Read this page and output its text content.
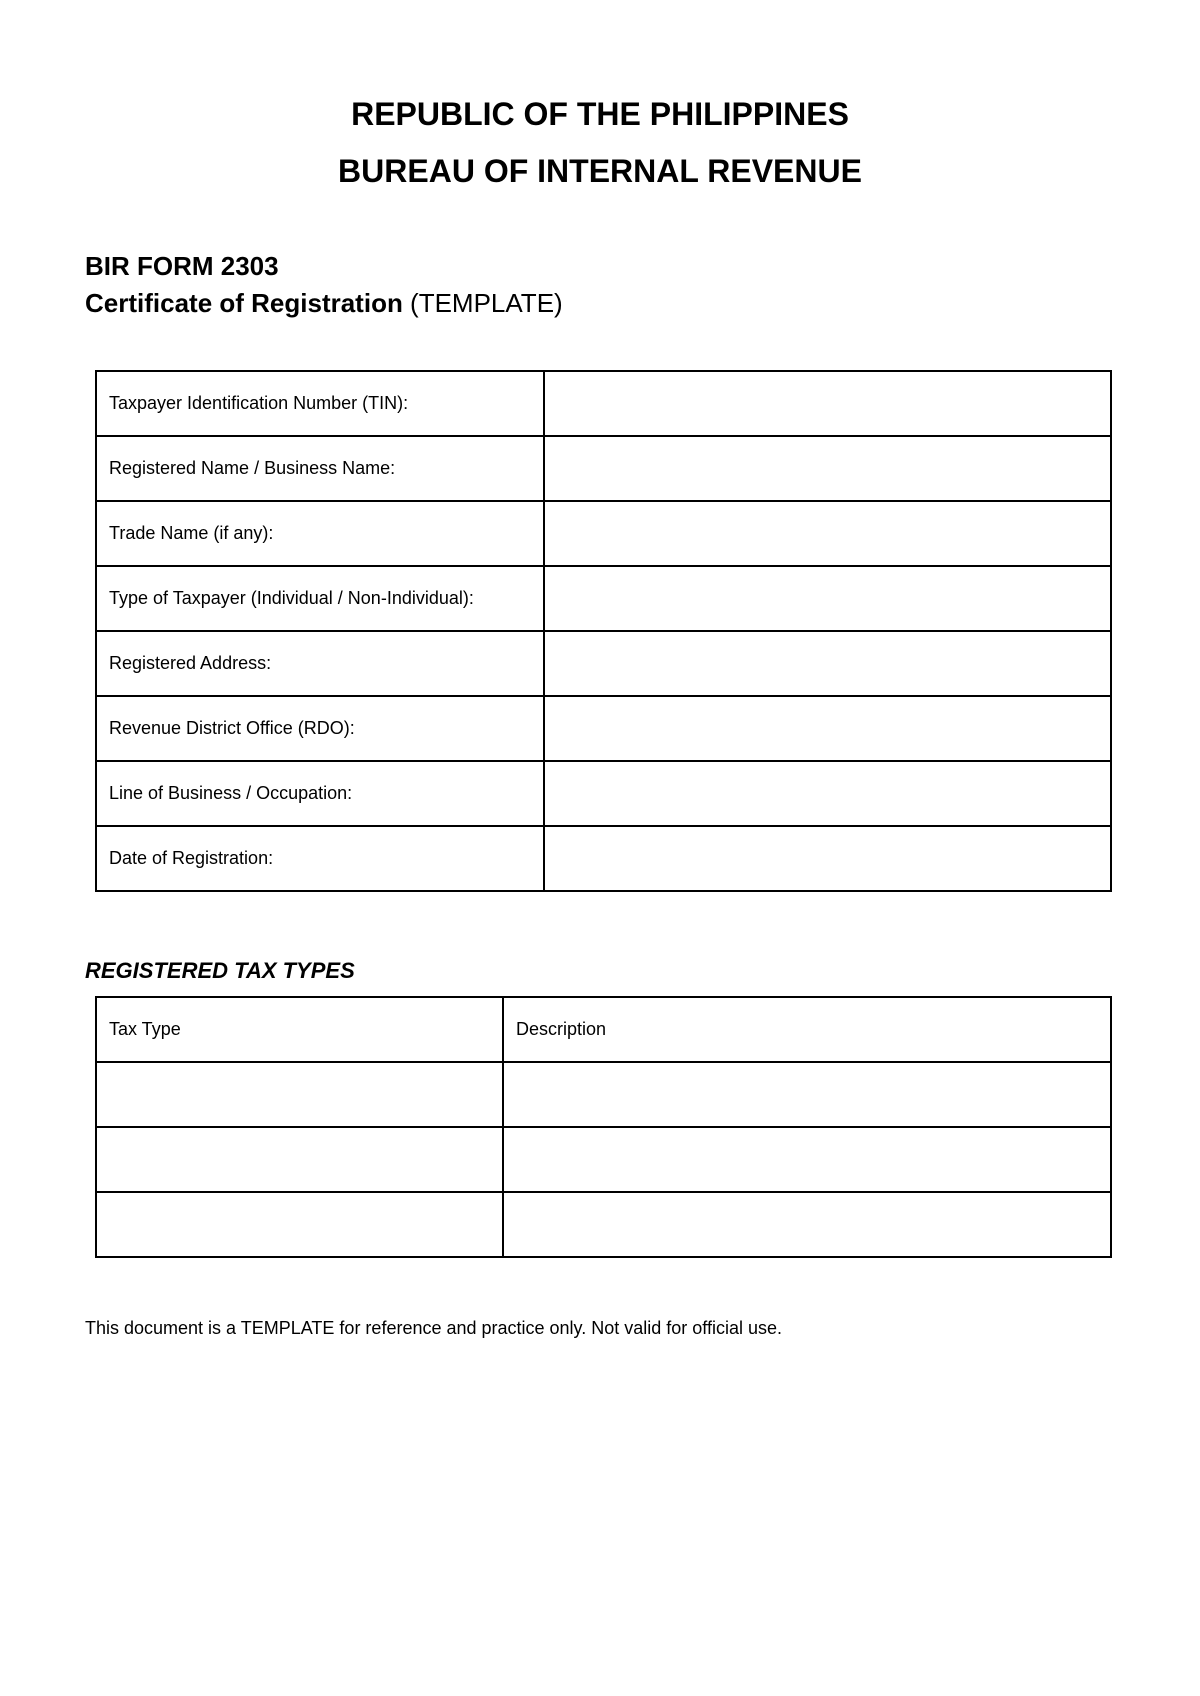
REPUBLIC OF THE PHILIPPINES
BUREAU OF INTERNAL REVENUE
BIR FORM 2303
Certificate of Registration (TEMPLATE)
Taxpayer Identification Number (TIN):	
Registered Name / Business Name:	
Trade Name (if any):	
Type of Taxpayer (Individual / Non-Individual):	
Registered Address:	
Revenue District Office (RDO):	
Line of Business / Occupation:	
Date of Registration:	
REGISTERED TAX TYPES
Tax Type	Description

This document is a TEMPLATE for reference and practice only. Not valid for official use.
